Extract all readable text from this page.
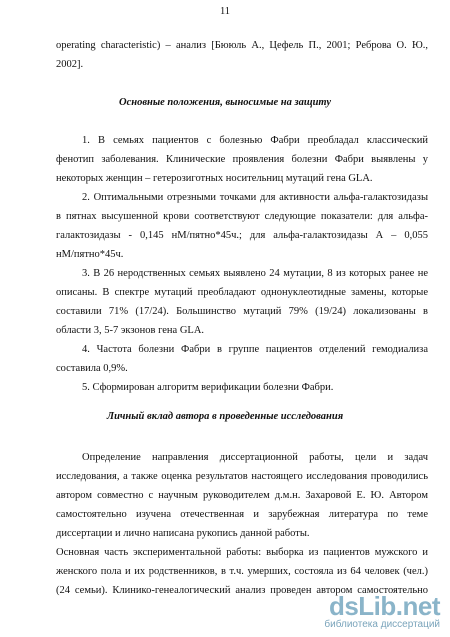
11
operating characteristic) – анализ [Бююль А., Цефель П., 2001; Реброва О. Ю.,
2002].
Основные положения, выносимые на защиту
1. В семьях пациентов с болезнью Фабри преобладал классический
фенотип заболевания. Клинические проявления болезни Фабри выявлены у
некоторых женщин – гетерозиготных носительниц мутаций гена GLA.
2. Оптимальными отрезными точками для активности альфа-галактозидазы
в пятнах высушенной крови соответствуют следующие показатели: для альфа-
галактозидазы - 0,145 нМ/пятно*45ч.; для альфа-галактозидазы А – 0,055
нМ/пятно*45ч.
3. В 26 неродственных семьях выявлено 24 мутации, 8 из которых ранее не
описаны. В спектре мутаций преобладают однонуклеотидные замены, которые
составили 71% (17/24). Большинство мутаций 79% (19/24) локализованы в
области 3, 5-7 экзонов гена GLA.
4. Частота болезни Фабри в группе пациентов отделений гемодиализа
составила 0,9%.
5. Сформирован алгоритм верификации болезни Фабри.
Личный вклад автора в проведенные исследования
Определение направления диссертационной работы, цели и задач
исследования, а также оценка результатов настоящего исследования проводились
автором совместно с научным руководителем д.м.н. Захаровой Е. Ю. Автором
самостоятельно изучена отечественная и зарубежная литература по теме
диссертации и лично написана рукопись данной работы.
Основная часть экспериментальной работы: выборка из пациентов мужского и
женского пола и их родственников, в т.ч. умерших, состояла из 64 человек (чел.)
(24 семьи). Клинико-генеалогический анализ проведен автором самостоятельно
dsLib.net
библиотека диссертаций
